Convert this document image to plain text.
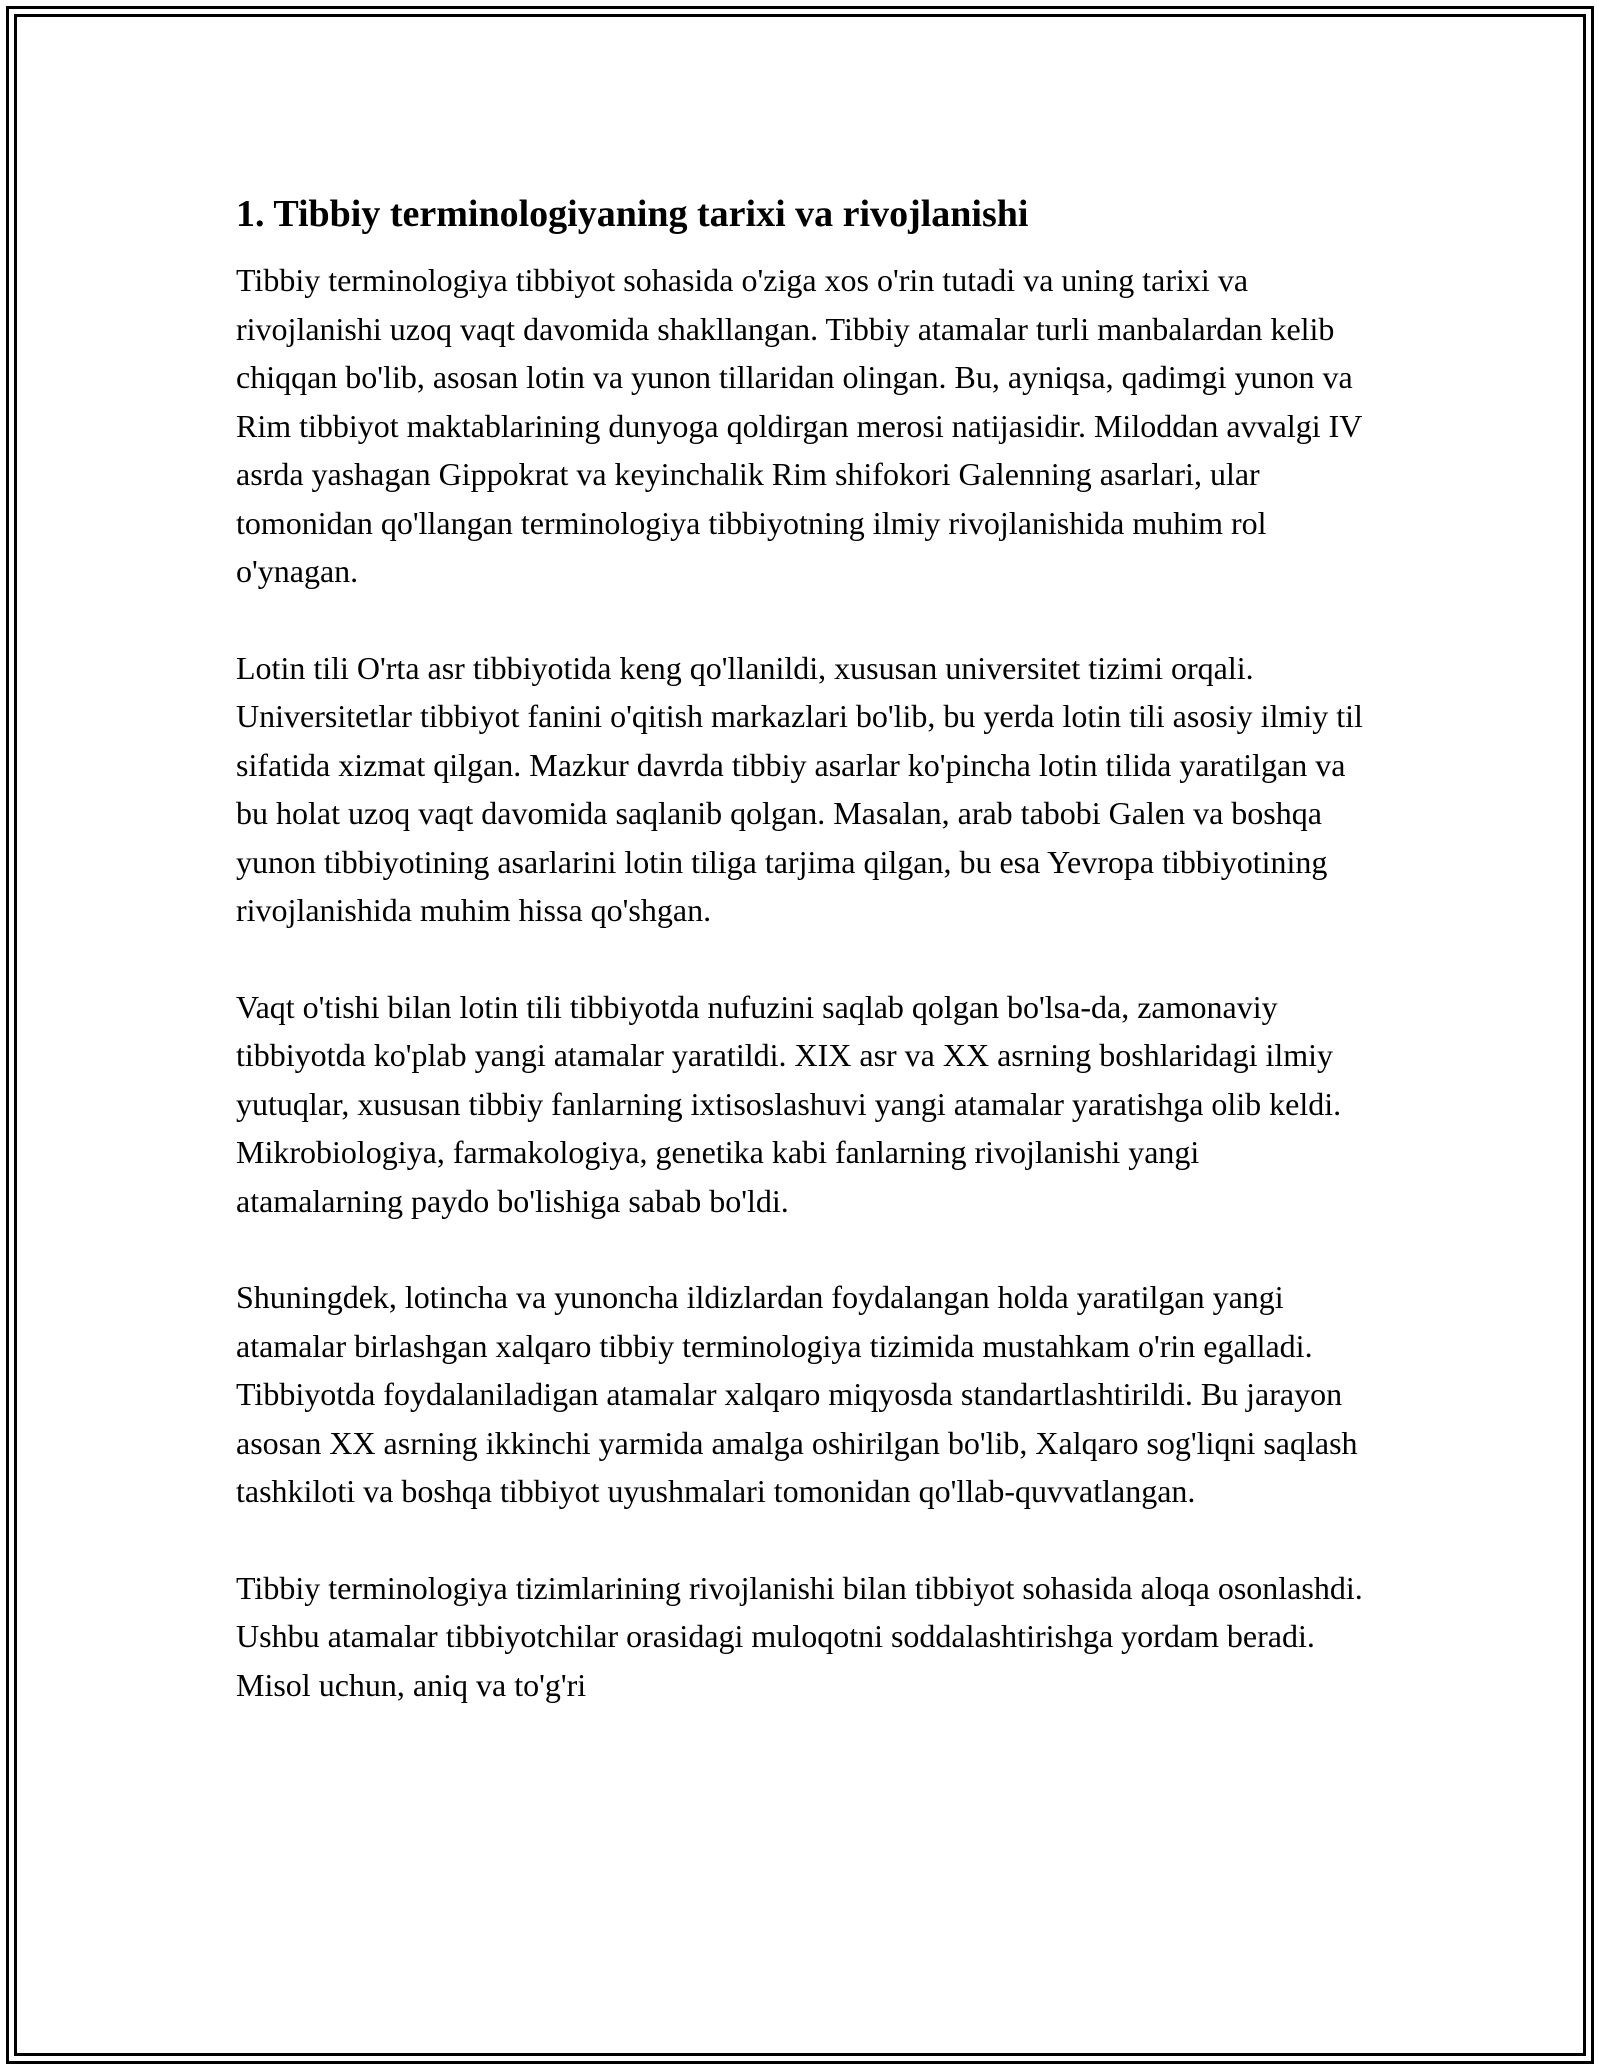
1. Tibbiy terminologiyaning tarixi va rivojlanishi

Tibbiy terminologiya tibbiyot sohasida o'ziga xos o'rin tutadi va uning tarixi va rivojlanishi uzoq vaqt davomida shakllangan. Tibbiy atamalar turli manbalardan kelib chiqqan bo'lib, asosan lotin va yunon tillaridan olingan. Bu, ayniqsa, qadimgi yunon va Rim tibbiyot maktablarining dunyoga qoldirgan merosi natijasidir. Miloddan avvalgi IV asrda yashagan Gippokrat va keyinchalik Rim shifokori Galenning asarlari, ular tomonidan qo'llangan terminologiya tibbiyotning ilmiy rivojlanishida muhim rol o'ynagan.

Lotin tili O'rta asr tibbiyotida keng qo'llanildi, xususan universitet tizimi orqali. Universitetlar tibbiyot fanini o'qitish markazlari bo'lib, bu yerda lotin tili asosiy ilmiy til sifatida xizmat qilgan. Mazkur davrda tibbiy asarlar ko'pincha lotin tilida yaratilgan va bu holat uzoq vaqt davomida saqlanib qolgan. Masalan, arab tabobi Galen va boshqa yunon tibbiyotining asarlarini lotin tiliga tarjima qilgan, bu esa Yevropa tibbiyotining rivojlanishida muhim hissa qo'shgan.

Vaqt o'tishi bilan lotin tili tibbiyotda nufuzini saqlab qolgan bo'lsa-da, zamonaviy tibbiyotda ko'plab yangi atamalar yaratildi. XIX asr va XX asrning boshlaridagi ilmiy yutuqlar, xususan tibbiy fanlarning ixtisoslashuvi yangi atamalar yaratishga olib keldi. Mikrobiologiya, farmakologiya, genetika kabi fanlarning rivojlanishi yangi atamalarning paydo bo'lishiga sabab bo'ldi.

Shuningdek, lotincha va yunoncha ildizlardan foydalangan holda yaratilgan yangi atamalar birlashgan xalqaro tibbiy terminologiya tizimida mustahkam o'rin egalladi. Tibbiyotda foydalaniladigan atamalar xalqaro miqyosda standartlashtirildi. Bu jarayon asosan XX asrning ikkinchi yarmida amalga oshirilgan bo'lib, Xalqaro sog'liqni saqlash tashkiloti va boshqa tibbiyot uyushmalari tomonidan qo'llab-quvvatlangan.

Tibbiy terminologiya tizimlarining rivojlanishi bilan tibbiyot sohasida aloqa osonlashdi. Ushbu atamalar tibbiyotchilar orasidagi muloqotni soddalashtirishga yordam beradi. Misol uchun, aniq va to'g'ri
